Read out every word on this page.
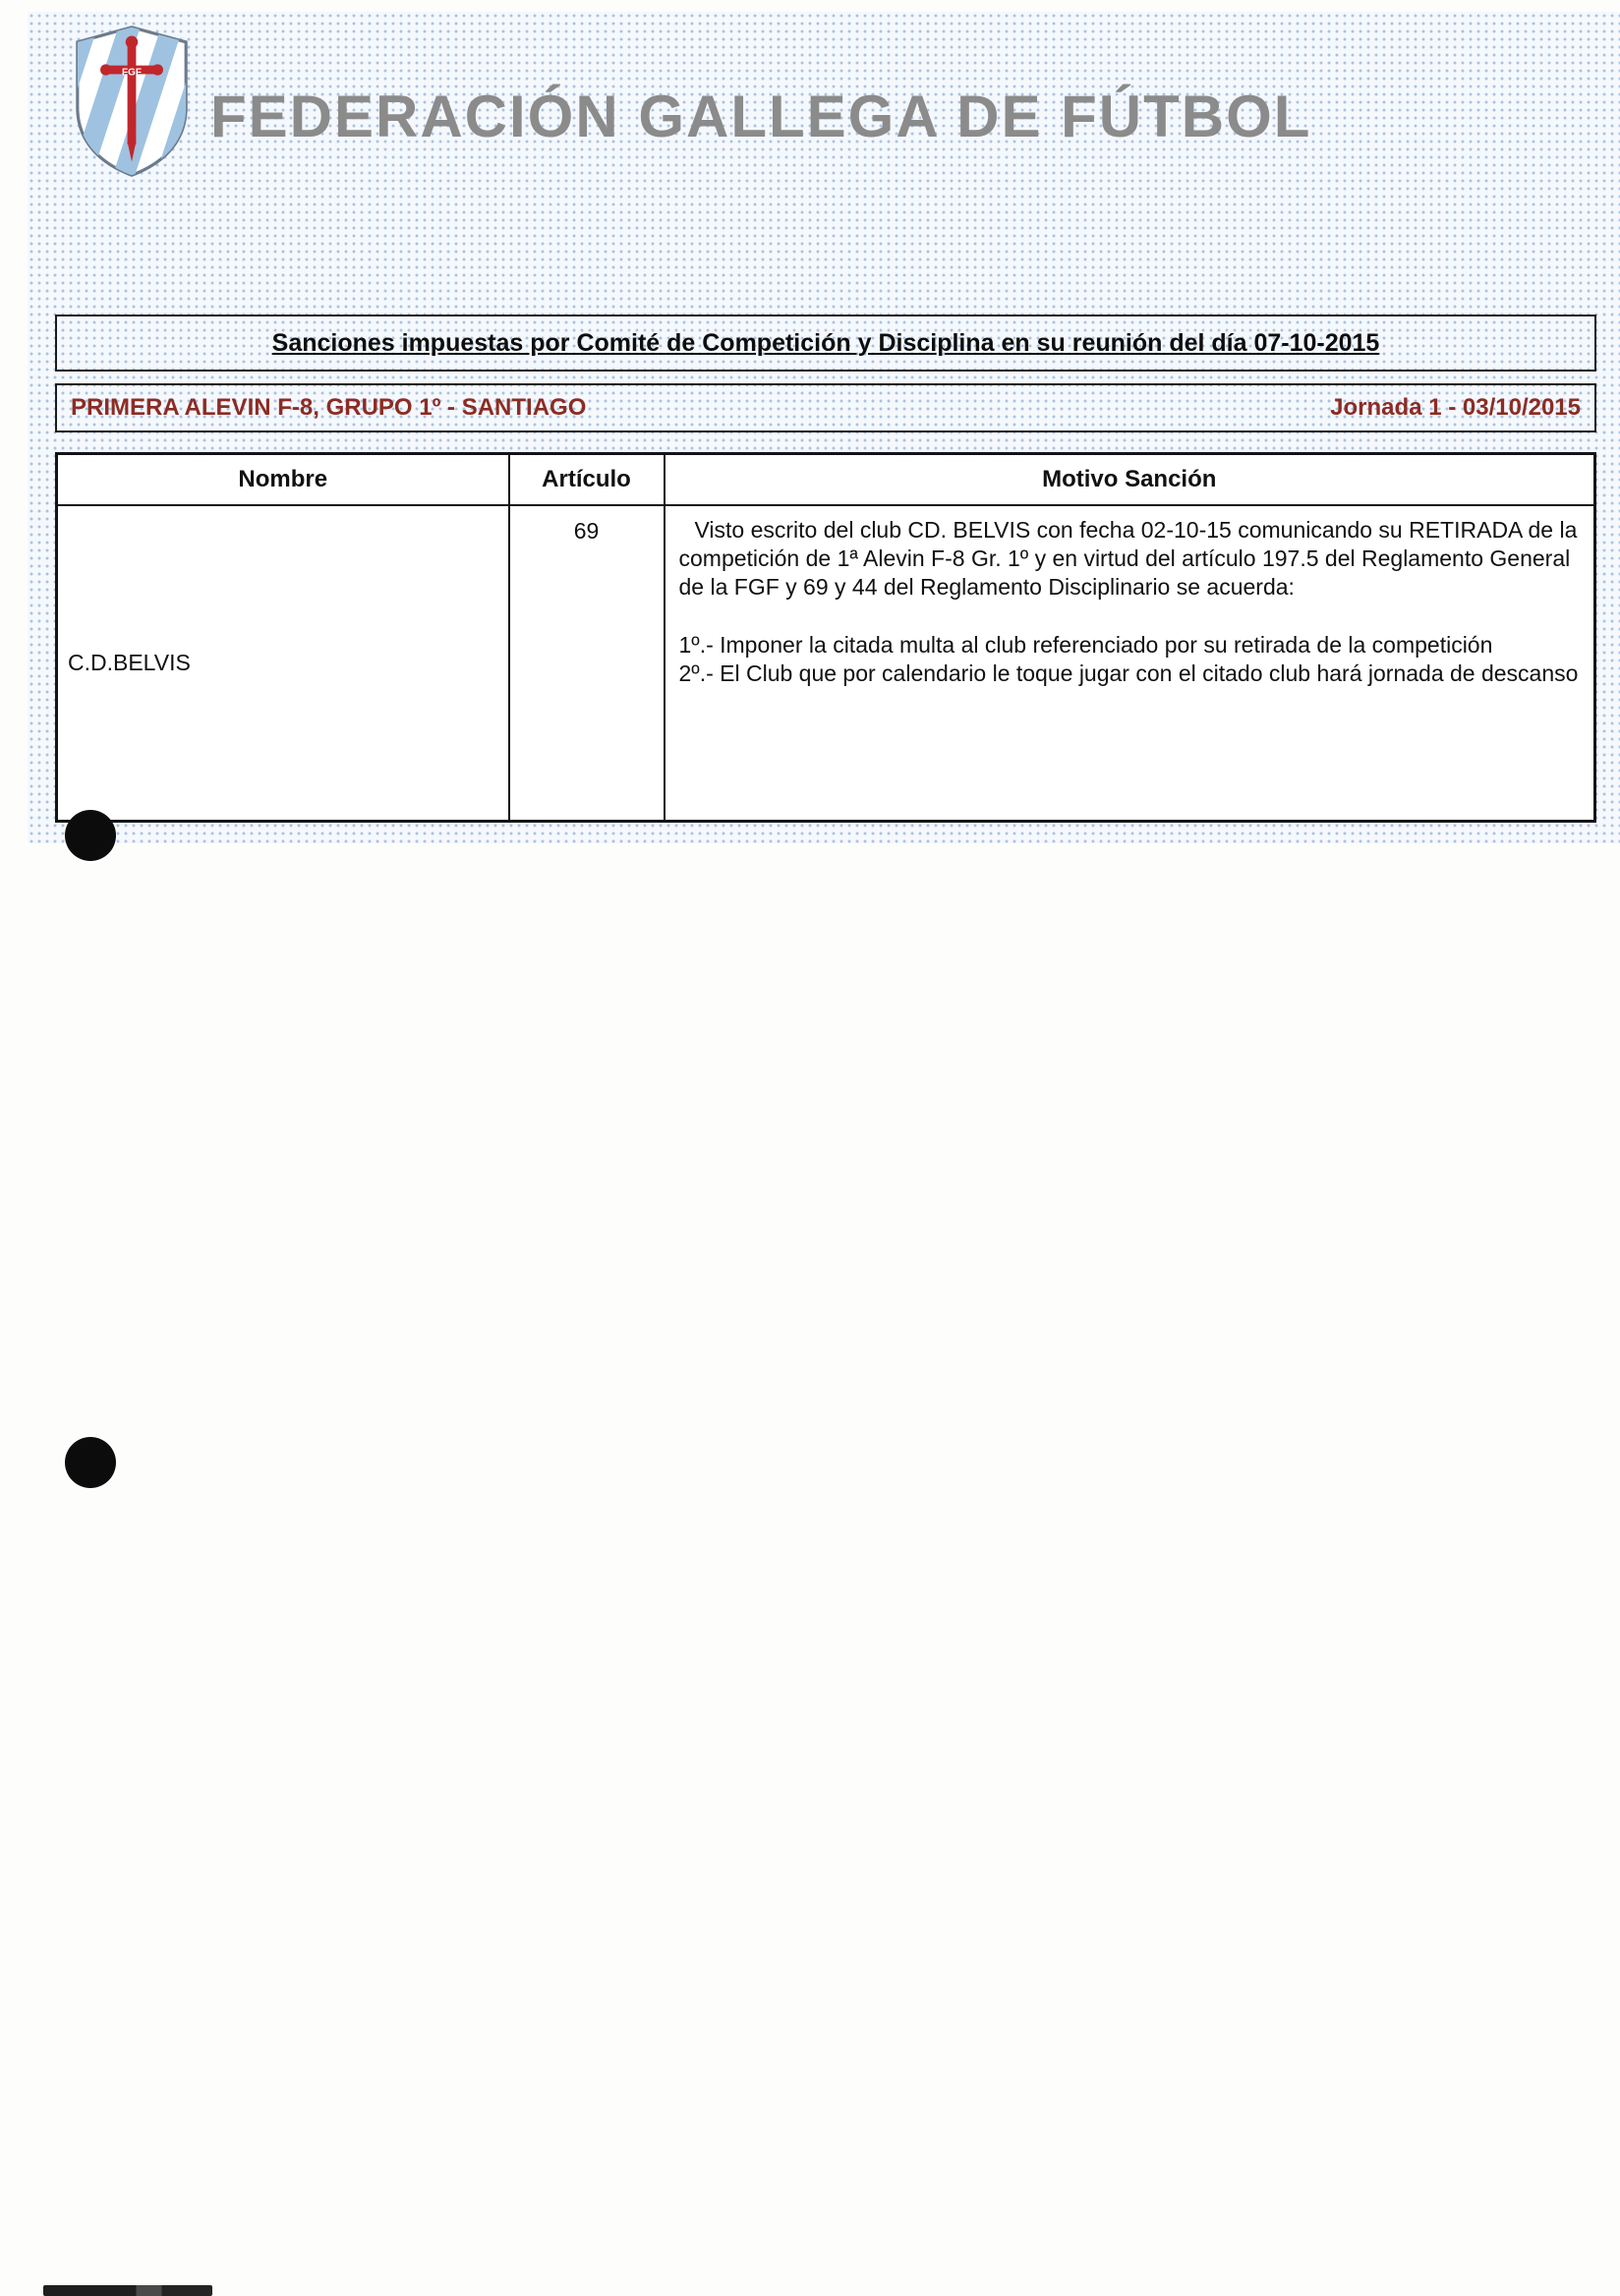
FGF
FEDERACIÓN GALLEGA DE FÚTBOL
Sanciones impuestas por Comité de Competición y Disciplina en su reunión del día 07-10-2015
PRIMERA ALEVIN F-8, GRUPO 1º - SANTIAGO	Jornada 1 - 03/10/2015
Nombre	Artículo	Motivo Sanción
C.D.BELVIS	69	Visto escrito del club CD. BELVIS con fecha 02-10-15 comunicando su RETIRADA de la competición de 1ª Alevin F-8 Gr. 1º y en virtud del artículo 197.5 del Reglamento General de la FGF y 69 y 44 del Reglamento Disciplinario se acuerda:

1º.- Imponer la citada multa al club referenciado por su retirada de la competición

2º.- El Club que por calendario le toque jugar con el citado club hará jornada de descanso
